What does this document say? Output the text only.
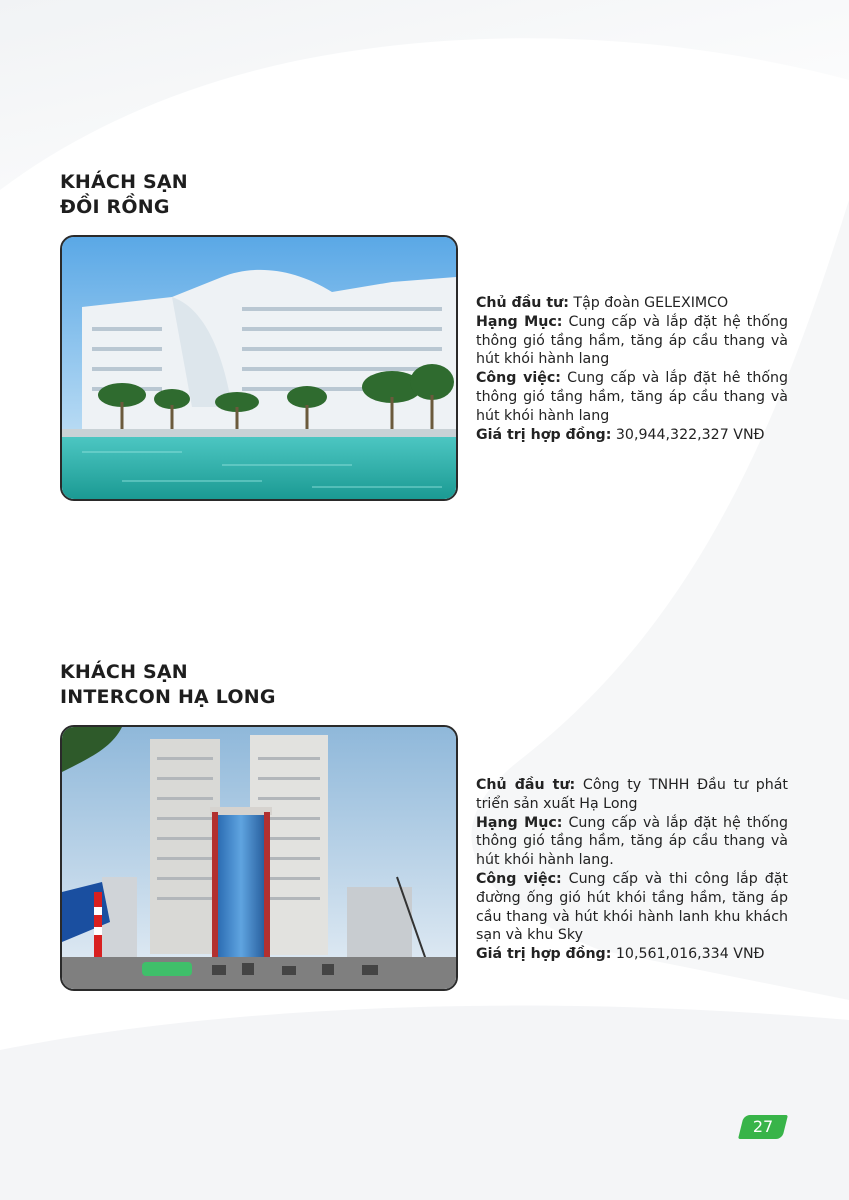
KHÁCH SẠN
ĐỒI RỒNG

Chủ đầu tư: Tập đoàn GELEXIMCO

Hạng Mục: Cung cấp và lắp đặt hệ thống thông gió tầng hầm, tăng áp cầu thang và hút khói hành lang

Công việc: Cung cấp và lắp đặt hê thống thông gió tầng hầm, tăng áp cầu thang và hút khói hành lang

Giá trị hợp đồng: 30,944,322,327 VNĐ

KHÁCH SẠN
INTERCON HẠ LONG

Chủ đầu tư: Công ty TNHH Đầu tư phát triển sản xuất Hạ Long

Hạng Mục: Cung cấp và lắp đặt hệ thống thông gió tầng hầm, tăng áp cầu thang và hút khói hành lang.

Công việc: Cung cấp và thi công lắp đặt đường ống gió hút khói tầng hầm, tăng áp cầu thang và hút khói hành lanh khu khách sạn và khu Sky

Giá trị hợp đồng: 10,561,016,334 VNĐ

27
